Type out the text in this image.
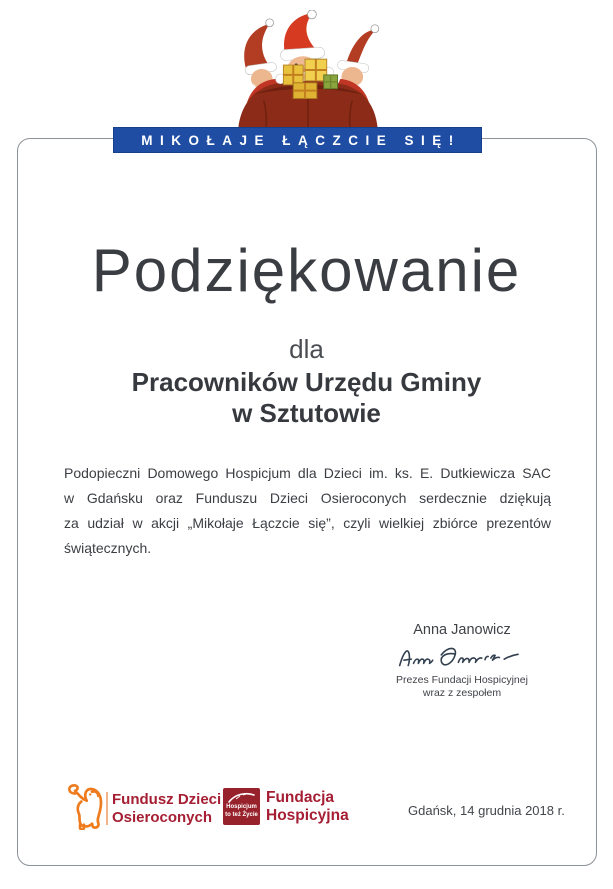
MIKOŁAJE ŁĄCZCIE SIĘ!
Podziękowanie
dla
Pracowników Urzędu Gminy
w Sztutowie
Podopieczni Domowego Hospicjum dla Dzieci im. ks. E. Dutkiewicza SAC
w Gdańsku oraz Funduszu Dzieci Osieroconych serdecznie dziękują
za udział w akcji „Mikołaje Łączcie się”, czyli wielkiej zbiórce prezentów
świątecznych.
Anna Janowicz
Prezes Fundacji Hospicyjnej
wraz z zespołem
Fundusz Dzieci
Osieroconych
Hospicjum
to też Życie
Fundacja
Hospicyjna	Gdańsk, 14 grudnia 2018 r.
